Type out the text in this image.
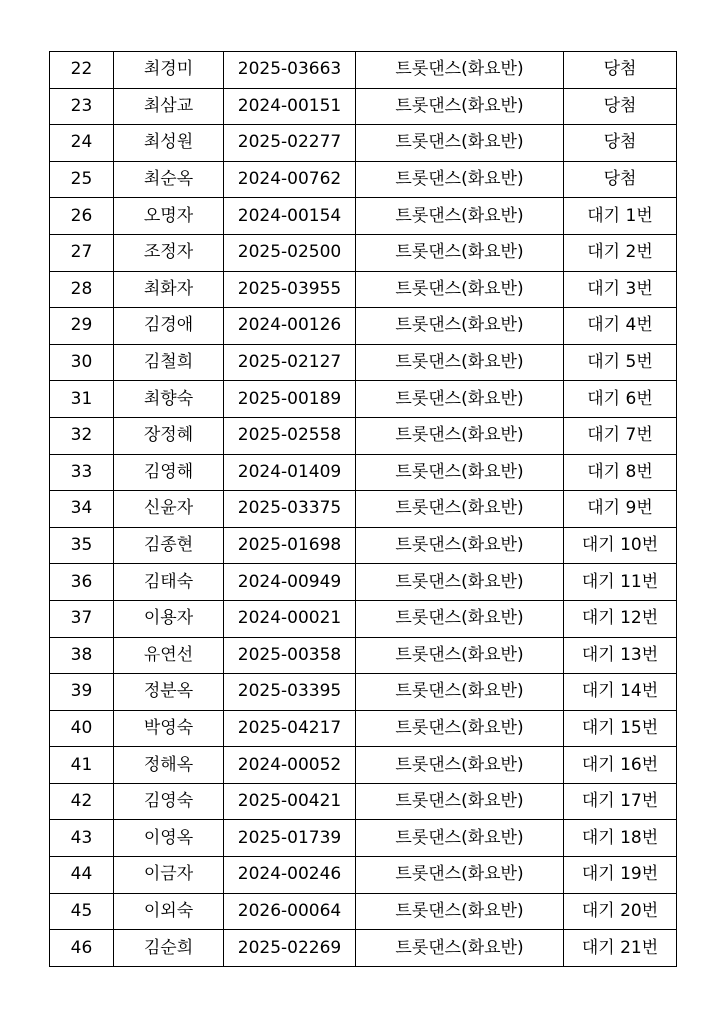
22	최경미	2025-03663	트롯댄스(화요반)	당첨
23	최삼교	2024-00151	트롯댄스(화요반)	당첨
24	최성원	2025-02277	트롯댄스(화요반)	당첨
25	최순옥	2024-00762	트롯댄스(화요반)	당첨
26	오명자	2024-00154	트롯댄스(화요반)	대기 1번
27	조정자	2025-02500	트롯댄스(화요반)	대기 2번
28	최화자	2025-03955	트롯댄스(화요반)	대기 3번
29	김경애	2024-00126	트롯댄스(화요반)	대기 4번
30	김철희	2025-02127	트롯댄스(화요반)	대기 5번
31	최향숙	2025-00189	트롯댄스(화요반)	대기 6번
32	장정혜	2025-02558	트롯댄스(화요반)	대기 7번
33	김영해	2024-01409	트롯댄스(화요반)	대기 8번
34	신윤자	2025-03375	트롯댄스(화요반)	대기 9번
35	김종현	2025-01698	트롯댄스(화요반)	대기 10번
36	김태숙	2024-00949	트롯댄스(화요반)	대기 11번
37	이용자	2024-00021	트롯댄스(화요반)	대기 12번
38	유연선	2025-00358	트롯댄스(화요반)	대기 13번
39	정분옥	2025-03395	트롯댄스(화요반)	대기 14번
40	박영숙	2025-04217	트롯댄스(화요반)	대기 15번
41	정해옥	2024-00052	트롯댄스(화요반)	대기 16번
42	김영숙	2025-00421	트롯댄스(화요반)	대기 17번
43	이영옥	2025-01739	트롯댄스(화요반)	대기 18번
44	이금자	2024-00246	트롯댄스(화요반)	대기 19번
45	이외숙	2026-00064	트롯댄스(화요반)	대기 20번
46	김순희	2025-02269	트롯댄스(화요반)	대기 21번
